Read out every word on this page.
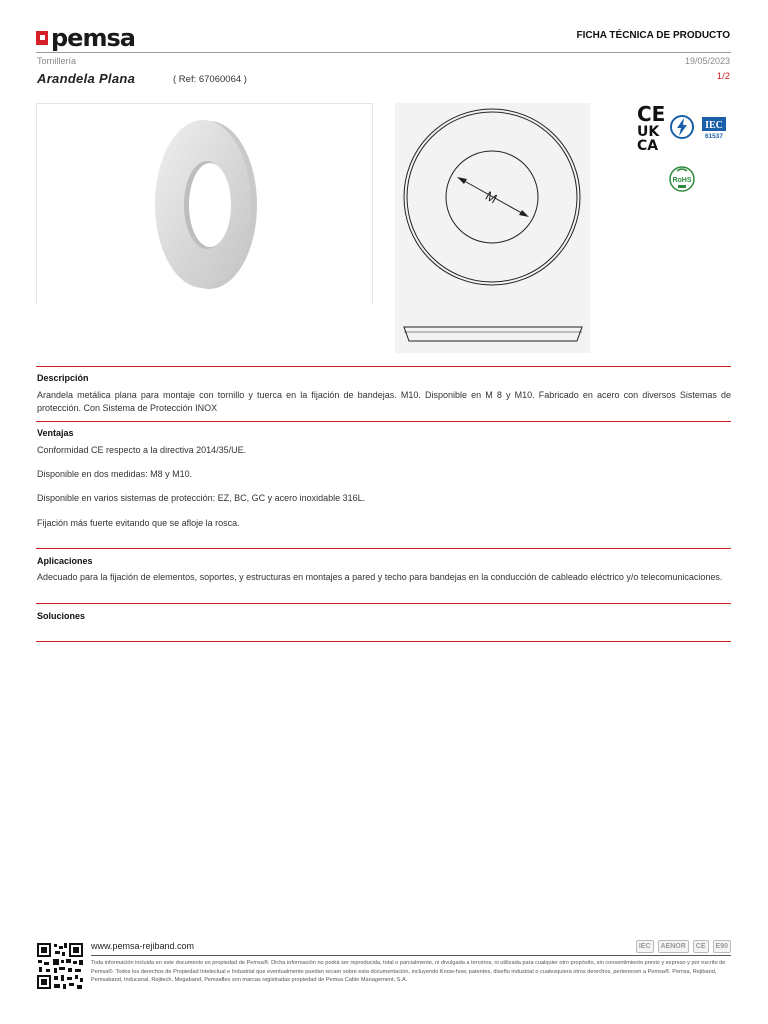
pemsa	FICHA TÉCNICA DE PRODUCTO
Tornillería	19/05/2023
Arandela Plana	( Ref: 67060064 )	1/2
M
CE
UK
CA
IEC
61537
RoHS
Descripción
Arandela metálica plana para montaje con tornillo y tuerca en la fijación de bandejas. M10. Disponible en M 8 y M10. Fabricado en acero con diversos Sistemas de protección. Con Sistema de Protección INOX
Ventajas
Conformidad CE respecto a la directiva 2014/35/UE.
Disponible en dos medidas: M8 y M10.
Disponible en varios sistemas de protección: EZ, BC, GC y acero inoxidable 316L.
Fijación más fuerte evitando que se afloje la rosca.
Aplicaciones
Adecuado para la fijación de elementos, soportes, y estructuras en montajes a pared y techo para bandejas en la conducción de cableado eléctrico y/o telecomunicaciones.
Soluciones
www.pemsa-rejiband.com	IEC	AENOR	CE	E90
Toda información incluida en este documento es propiedad de Pemsa®. Dicha información no podrá ser reproducida, total o parcialmente, ni divulgada a terceros, ni utilizada para cualquier otro propósito, sin consentimiento previo y expreso y por escrito de Pemsa®. Todos los derechos de Propiedad Intelectual e Industrial que eventualmente puedan recaer sobre esta documentación, incluyendo Know-how, patentes, diseño industrial o cualesquiera otros derechos, pertenecen a Pemsa®. Pemsa, Rejiband, Pemsaband, Inducanal, Rejitech, Megaband, Pemsaflex son marcas registradas propiedad de Pemsa Cable Management, S.A.
